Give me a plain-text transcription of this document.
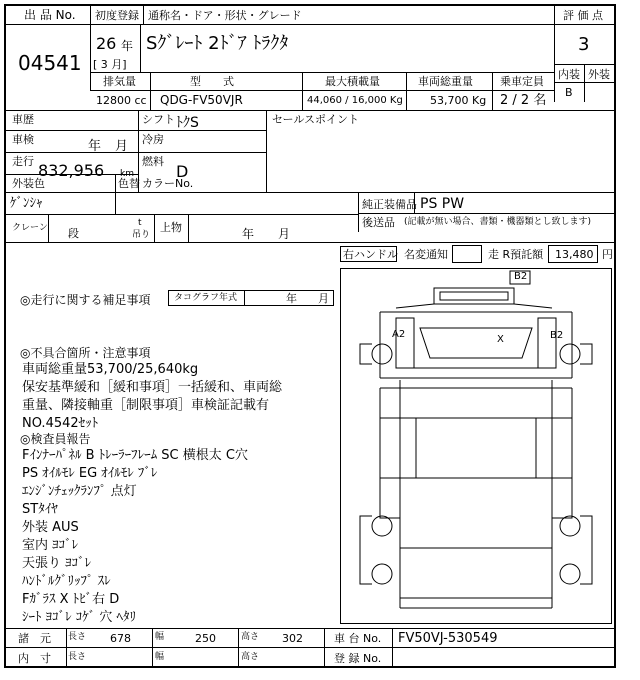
出 品 No.
04541
初度登録 通称名・ドア・形状・グレード
26 年
[ 3 月]
Sｸﾞﾚｰﾄ 2ﾄﾞｱ ﾄﾗｸﾀ
評 価 点
3
内装 外装
B
排気量	型　　式	最大積載量	車両総重量 乗車定員
12800 cc QDG-FV50VJR	44,060 / 16,000 Kg 53,700 Kg 2 / 2 名
車歴	シフト ﾄｸS
車検	年 月 冷房
走行 832,956 km
燃料
D
セールスポイント
外装色
ｹﾞﾝｼｬ
色替 カラーNo.
純正装備品 PS PW
後送品 (記載が無い場合、書類・機器類とし致します)
クレーン 段
t
吊り
上物	年 月
右ハンドル 名変通知	走 R預託額 13,480 円
◎走行に関する補足事項	タコグラフ年式	年 月
◎不具合箇所・注意事項
車両総重量53,700/25,640kg
保安基準緩和［緩和事項］一括緩和、車両総
重量、隣接軸重［制限事項］車検証記載有
NO.4542ｾｯﾄ
◎検査員報告
Fｲﾝﾅｰﾊﾟﾈﾙ B ﾄﾚｰﾗｰﾌﾚｰﾑ SC 横根太 C穴
PS ｵｲﾙﾓﾚ EG ｵｲﾙﾓﾚ ﾌﾞﾚ
ｴﾝｼﾞﾝﾁｪｯｸﾗﾝﾌﾟ 点灯
STﾀｲﾔ
外装 AUS
室内 ﾖｺﾞﾚ
天張り ﾖｺﾞﾚ
ﾊﾝﾄﾞﾙｸﾞﾘｯﾌﾟ ｽﾚ
Fｶﾞﾗｽ X ﾄﾋﾞ右 D
ｼｰﾄ ﾖｺﾞﾚ ｺｹﾞ 穴 ﾍﾀﾘ
B2
A2	X	B2
諸　元
内　寸
長さ 678
長さ
幅	250
幅
高さ 302
高さ
車 台 No. FV50VJ-530549
登 録 No.
